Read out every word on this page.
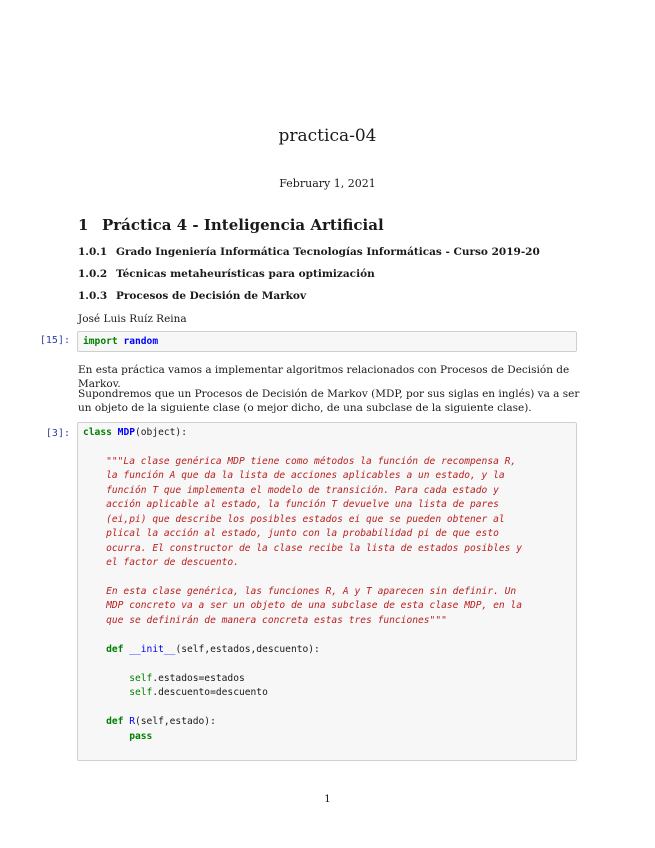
practica-04
February 1, 2021
1 Práctica 4 - Inteligencia Artificial
1.0.1 Grado Ingeniería Informática Tecnologías Informáticas - Curso 2019-20
1.0.2 Técnicas metaheurísticas para optimización
1.0.3 Procesos de Decisión de Markov
José Luis Ruíz Reina
[15]:	import random
En esta práctica vamos a implementar algoritmos relacionados con Procesos de Decisión de Markov.
Supondremos que un Procesos de Decisión de Markov (MDP, por sus siglas en inglés) va a ser un objeto de la siguiente clase (o mejor dicho, de una subclase de la siguiente clase).
[3]:	class MDP(object):

"""La clase genérica MDP tiene como métodos la función de recompensa R,
la función A que da la lista de acciones aplicables a un estado, y la
función T que implementa el modelo de transición. Para cada estado y
acción aplicable al estado, la función T devuelve una lista de pares
(ei,pi) que describe los posibles estados ei que se pueden obtener al
plical la acción al estado, junto con la probabilidad pi de que esto
ocurra. El constructor de la clase recibe la lista de estados posibles y
el factor de descuento.

En esta clase genérica, las funciones R, A y T aparecen sin definir. Un
MDP concreto va a ser un objeto de una subclase de esta clase MDP, en la
que se definirán de manera concreta estas tres funciones"""

def __init__(self,estados,descuento):

self.estados=estados
self.descuento=descuento

def R(self,estado):
pass
1
